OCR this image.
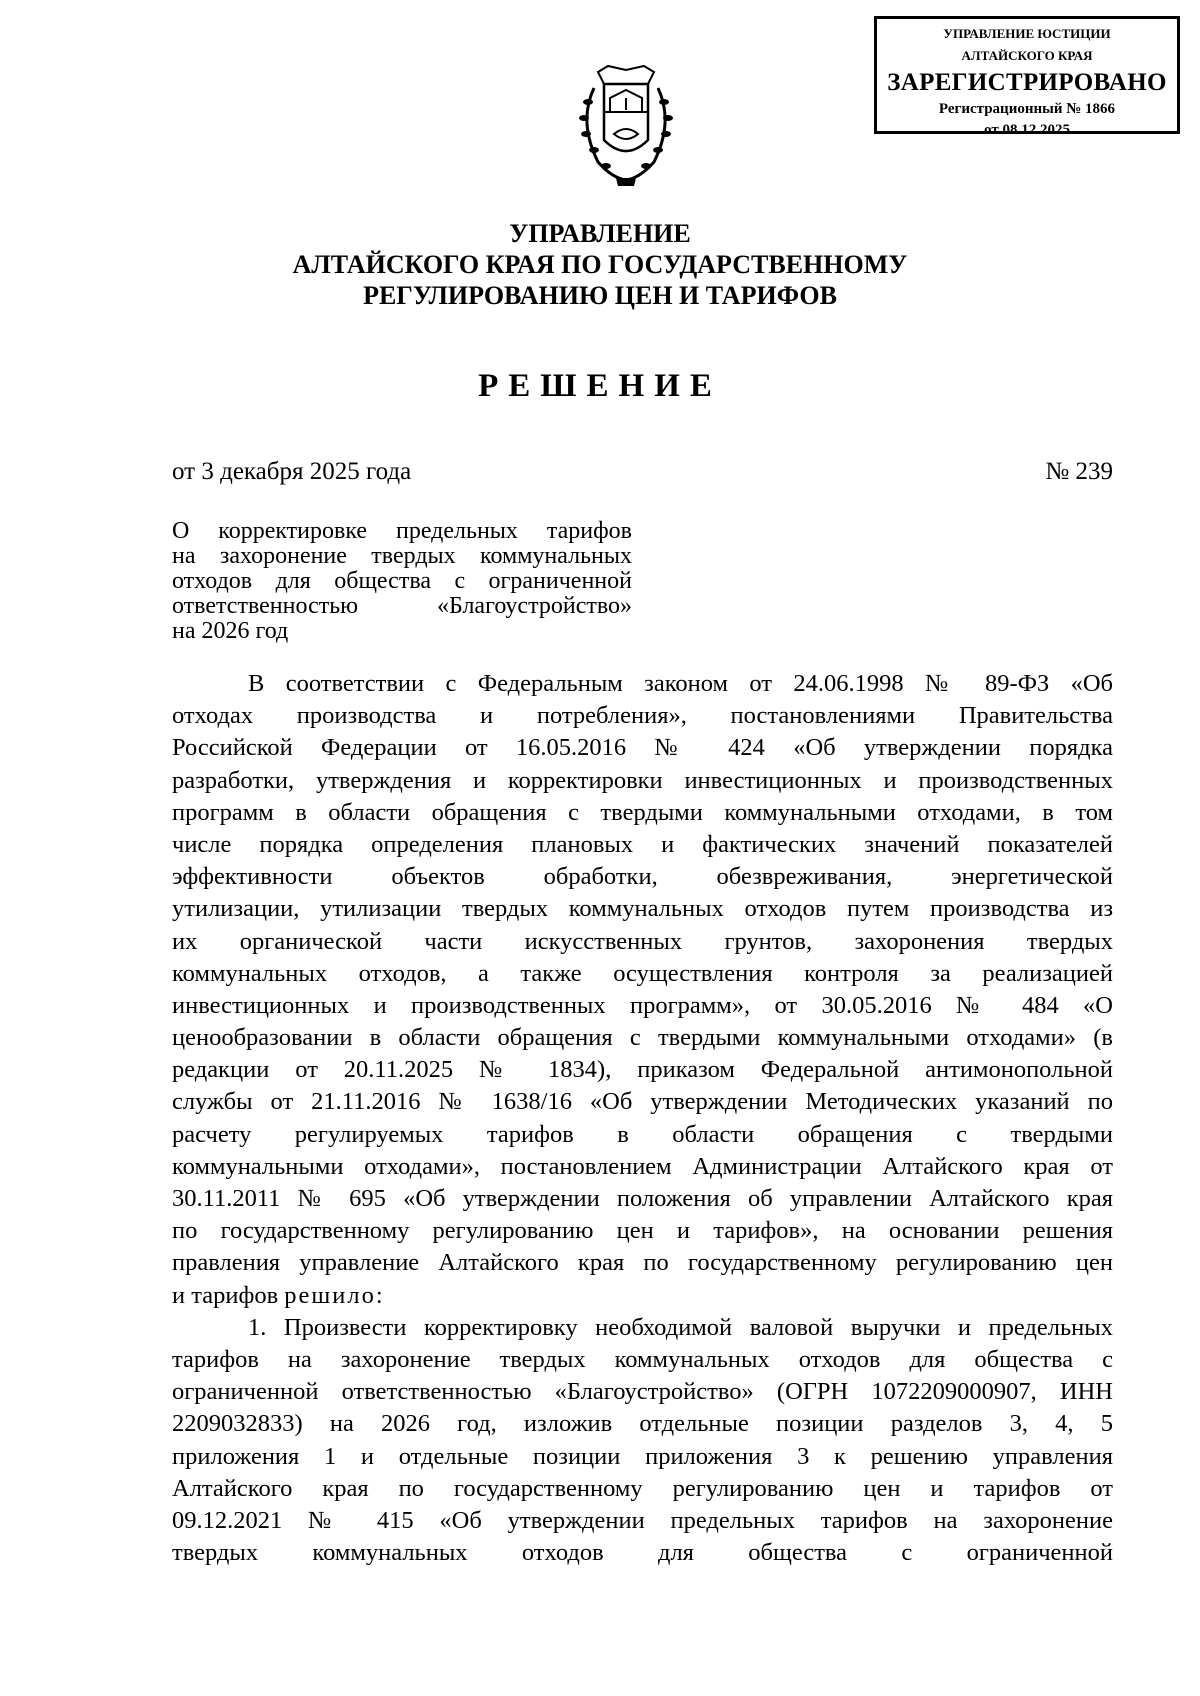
УПРАВЛЕНИЕ ЮСТИЦИИ
АЛТАЙСКОГО КРАЯ
ЗАРЕГИСТРИРОВАНО
Регистрационный № 1866
от 08.12.2025
УПРАВЛЕНИЕ
АЛТАЙСКОГО КРАЯ ПО ГОСУДАРСТВЕННОМУ
РЕГУЛИРОВАНИЮ ЦЕН И ТАРИФОВ
РЕШЕНИЕ
от 3 декабря 2025 года	№ 239
О корректировке предельных тарифов
на захоронение твердых коммунальных
отходов для общества с ограниченной
ответственностью «Благоустройство»
на 2026 год
В соответствии с Федеральным законом от 24.06.1998 № 89-ФЗ «Об
отходах производства и потребления», постановлениями Правительства
Российской Федерации от 16.05.2016 № 424 «Об утверждении порядка
разработки, утверждения и корректировки инвестиционных и производственных
программ в области обращения с твердыми коммунальными отходами, в том
числе порядка определения плановых и фактических значений показателей
эффективности объектов обработки, обезвреживания, энергетической
утилизации, утилизации твердых коммунальных отходов путем производства из
их органической части искусственных грунтов, захоронения твердых
коммунальных отходов, а также осуществления контроля за реализацией
инвестиционных и производственных программ», от 30.05.2016 № 484 «О
ценообразовании в области обращения с твердыми коммунальными отходами» (в
редакции от 20.11.2025 № 1834), приказом Федеральной антимонопольной
службы от 21.11.2016 № 1638/16 «Об утверждении Методических указаний по
расчету регулируемых тарифов в области обращения с твердыми
коммунальными отходами», постановлением Администрации Алтайского края от
30.11.2011 № 695 «Об утверждении положения об управлении Алтайского края
по государственному регулированию цен и тарифов», на основании решения
правления управление Алтайского края по государственному регулированию цен
и тарифов решило:
1. Произвести корректировку необходимой валовой выручки и предельных
тарифов на захоронение твердых коммунальных отходов для общества с
ограниченной ответственностью «Благоустройство» (ОГРН 1072209000907, ИНН
2209032833) на 2026 год, изложив отдельные позиции разделов 3, 4, 5
приложения 1 и отдельные позиции приложения 3 к решению управления
Алтайского края по государственному регулированию цен и тарифов от
09.12.2021 № 415 «Об утверждении предельных тарифов на захоронение
твердых коммунальных отходов для общества с ограниченной
